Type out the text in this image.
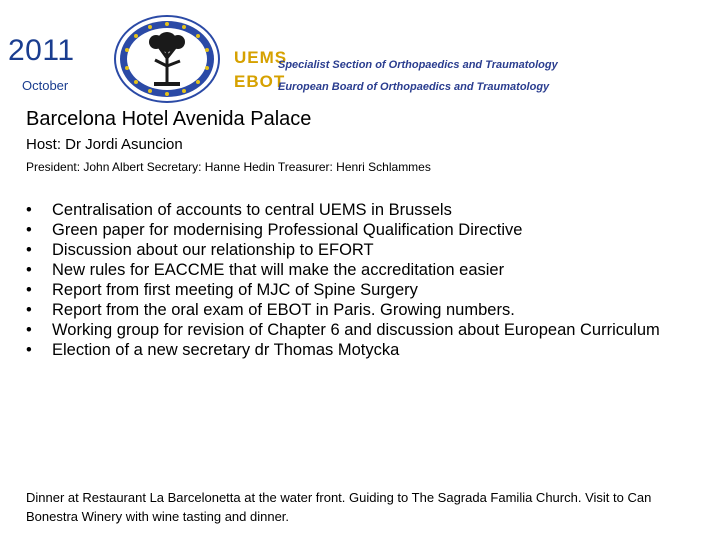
2011
October
UEMS
EBOT
Specialist Section of Orthopaedics and Traumatology
European Board of Orthopaedics and Traumatology
Barcelona Hotel Avenida Palace
Host: Dr Jordi Asuncion
President: John Albert Secretary: Hanne Hedin Treasurer: Henri Schlammes
• Centralisation of accounts to central UEMS in Brussels
• Green paper for modernising Professional Qualification Directive
• Discussion about our relationship to EFORT
• New rules for EACCME that will make the accreditation easier
• Report from first meeting of MJC of Spine Surgery
• Report from the oral exam of EBOT in Paris. Growing numbers.
• Working group for revision of Chapter 6 and discussion about European Curriculum
• Election of a new secretary dr Thomas Motycka
Dinner at Restaurant La Barcelonetta at the water front. Guiding to The Sagrada Familia Church. Visit to Can Bonestra Winery with wine tasting and dinner.
